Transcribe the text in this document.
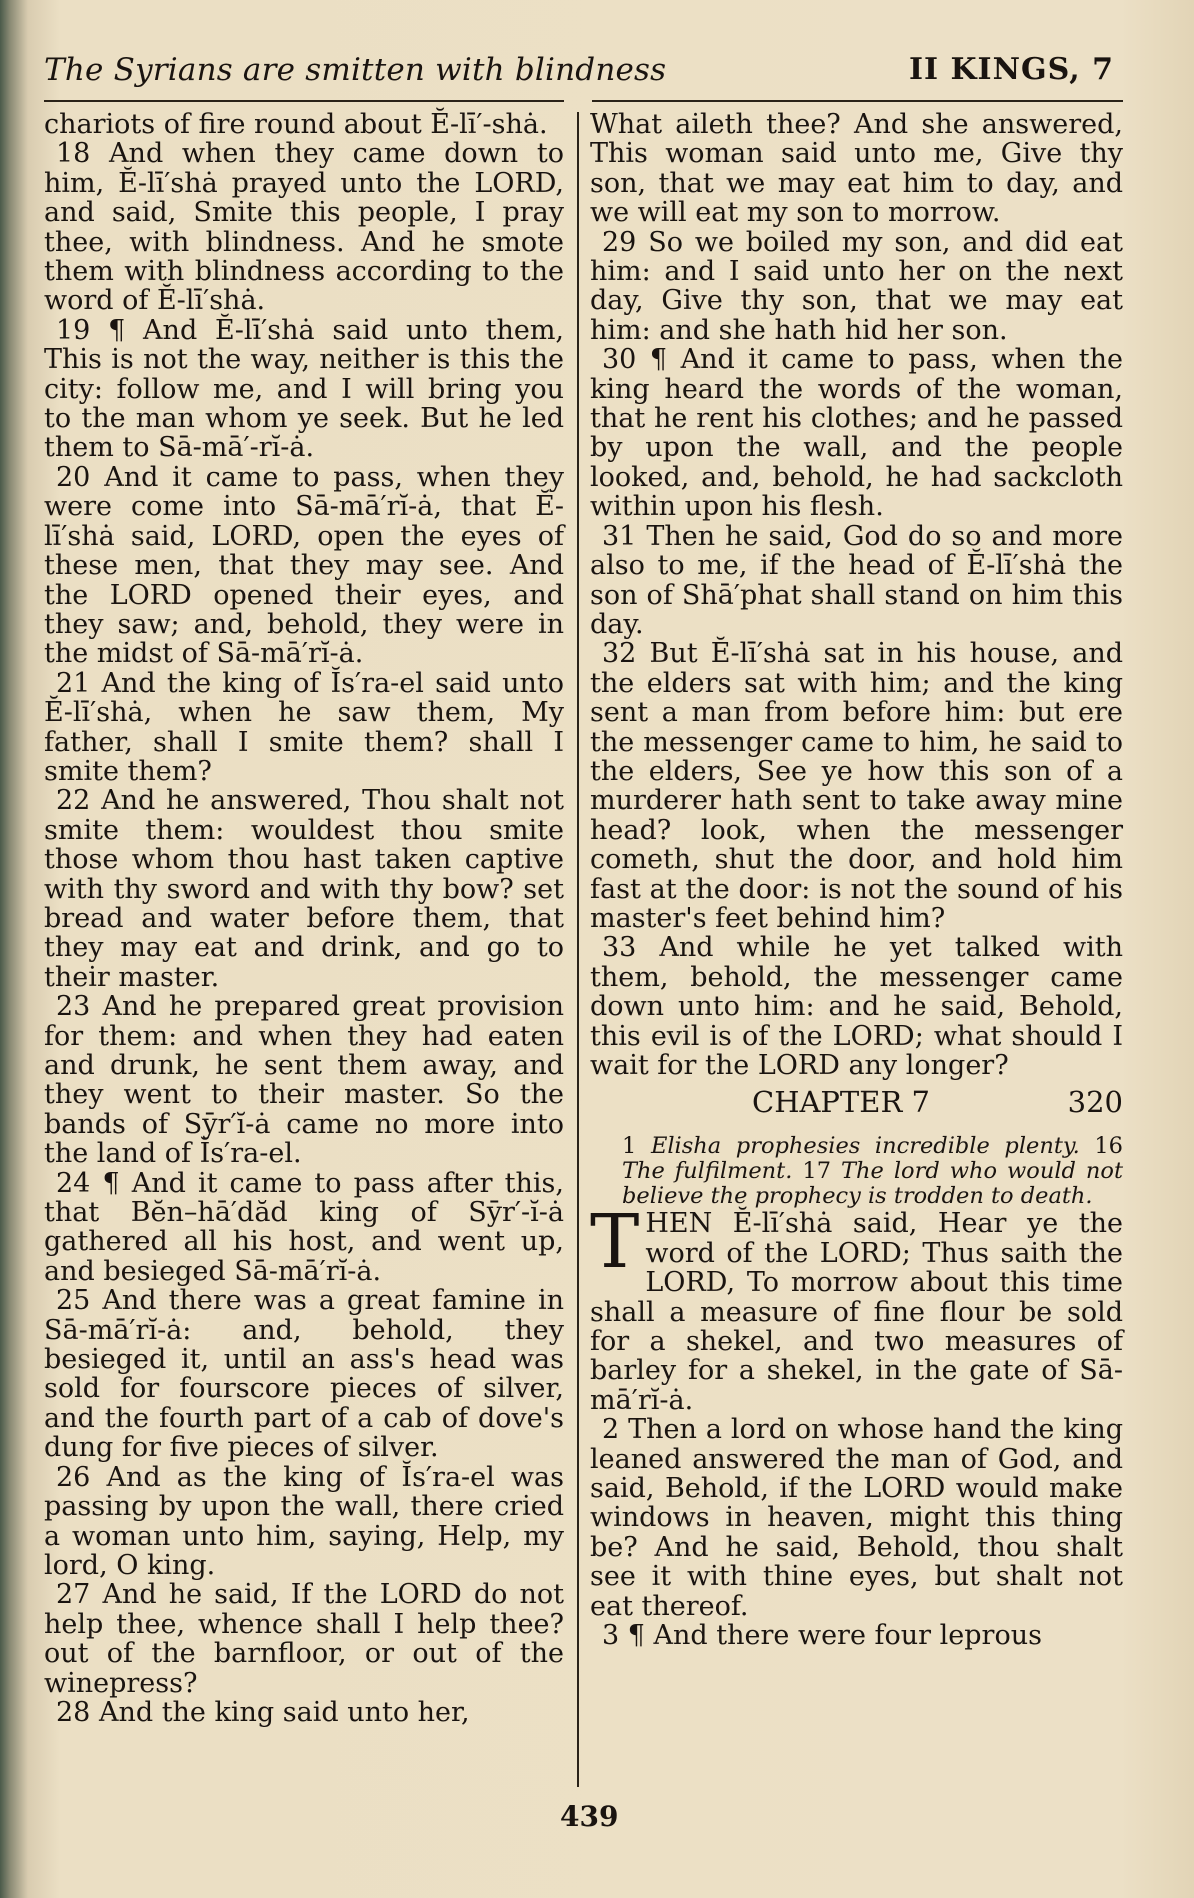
The Syrians are smitten with blindness	II KINGS, 7

chariots of fire round about Ĕ-lī′-shȧ.

18 And when they came down to him, Ĕ-lī′shȧ prayed unto the LORD, and said, Smite this people, I pray thee, with blindness. And he smote them with blindness according to the word of Ĕ-lī′shȧ.

19 ¶ And Ĕ-lī′shȧ said unto them, This is not the way, neither is this the city: follow me, and I will bring you to the man whom ye seek. But he led them to Sā-mā′-rĭ-ȧ.

20 And it came to pass, when they were come into Sā-mā′rĭ-ȧ, that Ĕ-lī′shȧ said, LORD, open the eyes of these men, that they may see. And the LORD opened their eyes, and they saw; and, behold, they were in the midst of Sā-mā′rĭ-ȧ.

21 And the king of Ĭs′ra-el said unto Ĕ-lī′shȧ, when he saw them, My father, shall I smite them? shall I smite them?

22 And he answered, Thou shalt not smite them: wouldest thou smite those whom thou hast taken captive with thy sword and with thy bow? set bread and water before them, that they may eat and drink, and go to their master.

23 And he prepared great provision for them: and when they had eaten and drunk, he sent them away, and they went to their master. So the bands of Sȳr′ĭ-ȧ came no more into the land of Ĭs′ra-el.

24 ¶ And it came to pass after this, that Bĕn–hā′dăd king of Sȳr′-ĭ-ȧ gathered all his host, and went up, and besieged Sā-mā′rĭ-ȧ.

25 And there was a great famine in Sā-mā′rĭ-ȧ: and, behold, they besieged it, until an ass's head was sold for fourscore pieces of silver, and the fourth part of a cab of dove's dung for five pieces of silver.

26 And as the king of Ĭs′ra-el was passing by upon the wall, there cried a woman unto him, saying, Help, my lord, O king.

27 And he said, If the LORD do not help thee, whence shall I help thee? out of the barnfloor, or out of the winepress?

28 And the king said unto her,

What aileth thee? And she answered, This woman said unto me, Give thy son, that we may eat him to day, and we will eat my son to morrow.

29 So we boiled my son, and did eat him: and I said unto her on the next day, Give thy son, that we may eat him: and she hath hid her son.

30 ¶ And it came to pass, when the king heard the words of the woman, that he rent his clothes; and he passed by upon the wall, and the people looked, and, behold, he had sackcloth within upon his flesh.

31 Then he said, God do so and more also to me, if the head of Ĕ-lī′shȧ the son of Shā′phat shall stand on him this day.

32 But Ĕ-lī′shȧ sat in his house, and the elders sat with him; and the king sent a man from before him: but ere the messenger came to him, he said to the elders, See ye how this son of a murderer hath sent to take away mine head? look, when the messenger cometh, shut the door, and hold him fast at the door: is not the sound of his master's feet behind him?

33 And while he yet talked with them, behold, the messenger came down unto him: and he said, Behold, this evil is of the LORD; what should I wait for the LORD any longer?

CHAPTER 7	320

1 Elisha prophesies incredible plenty. 16 The fulfilment. 17 The lord who would not believe the prophecy is trodden to death.

THEN Ĕ-lī′shȧ said, Hear ye the word of the LORD; Thus saith the LORD, To morrow about this time shall a measure of fine flour be sold for a shekel, and two measures of barley for a shekel, in the gate of Sā-mā′rĭ-ȧ.

2 Then a lord on whose hand the king leaned answered the man of God, and said, Behold, if the LORD would make windows in heaven, might this thing be? And he said, Behold, thou shalt see it with thine eyes, but shalt not eat thereof.

3 ¶ And there were four leprous

439
